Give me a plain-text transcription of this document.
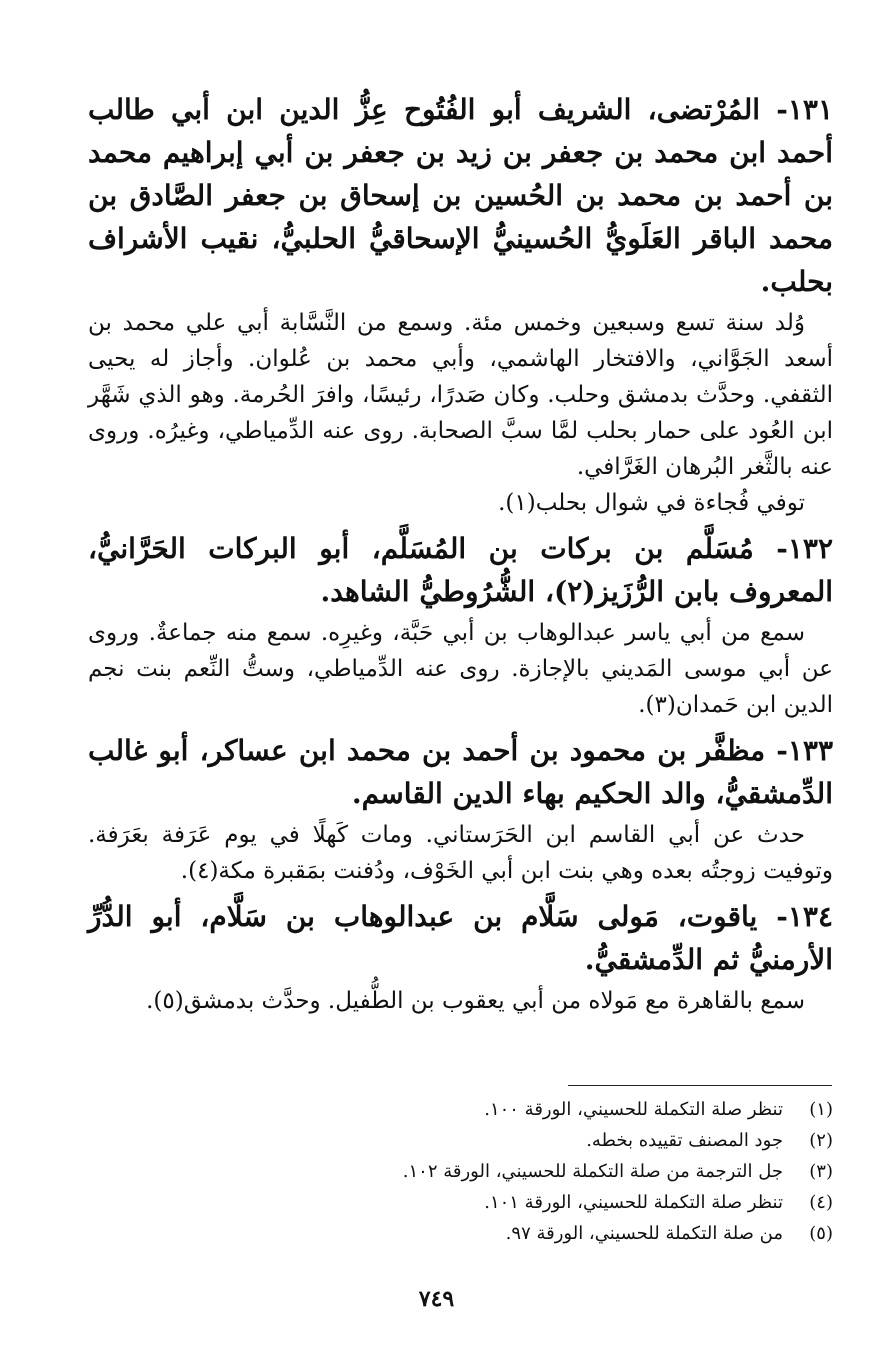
١٣١- المُرْتضى، الشريف أبو الفُتُوح عِزُّ الدين ابن أبي طالب أحمد ابن محمد بن جعفر بن زيد بن جعفر بن أبي إبراهيم محمد بن أحمد بن محمد بن الحُسين بن إسحاق بن جعفر الصَّادق بن محمد الباقر العَلَويُّ الحُسينيُّ الإسحاقيُّ الحلبيُّ، نقيب الأشراف بحلب.

وُلد سنة تسع وسبعين وخمس مئة. وسمع من النَّسَّابة أبي علي محمد بن أسعد الجَوَّاني، والافتخار الهاشمي، وأبي محمد بن عُلوان. وأجاز له يحيى الثقفي. وحدَّث بدمشق وحلب. وكان صَدرًا، رئيسًا، وافرَ الحُرمة. وهو الذي شَهَّر ابن العُود على حمار بحلب لمَّا سبَّ الصحابة. روى عنه الدِّمياطي، وغيرُه. وروى عنه بالثَّغر البُرهان الغَرَّافي.

توفي فُجاءة في شوال بحلب(١).

١٣٢- مُسَلَّم بن بركات بن المُسَلَّم، أبو البركات الحَرَّانيُّ، المعروف بابن الرُّزَيز(٢)، الشُّرُوطيُّ الشاهد.

سمع من أبي ياسر عبدالوهاب بن أبي حَبَّة، وغيرِه. سمع منه جماعةٌ. وروى عن أبي موسى المَديني بالإجازة. روى عنه الدِّمياطي، وستُّ النِّعم بنت نجم الدين ابن حَمدان(٣).

١٣٣- مظفَّر بن محمود بن أحمد بن محمد ابن عساكر، أبو غالب الدِّمشقيُّ، والد الحكيم بهاء الدين القاسم.

حدث عن أبي القاسم ابن الحَرَستاني. ومات كَهلًا في يوم عَرَفة بعَرَفة. وتوفيت زوجتُه بعده وهي بنت ابن أبي الخَوْف، ودُفنت بمَقبرة مكة(٤).

١٣٤- ياقوت، مَولى سَلَّام بن عبدالوهاب بن سَلَّام، أبو الدُّرِّ الأرمنيُّ ثم الدِّمشقيُّ.

سمع بالقاهرة مع مَولاه من أبي يعقوب بن الطُّفيل. وحدَّث بدمشق(٥).

(١)
تنظر صلة التكملة للحسيني، الورقة ١٠٠.
(٢)
جود المصنف تقييده بخطه.
(٣)
جل الترجمة من صلة التكملة للحسيني، الورقة ١٠٢.
(٤)
تنظر صلة التكملة للحسيني، الورقة ١٠١.
(٥)
من صلة التكملة للحسيني، الورقة ٩٧.
٧٤٩
